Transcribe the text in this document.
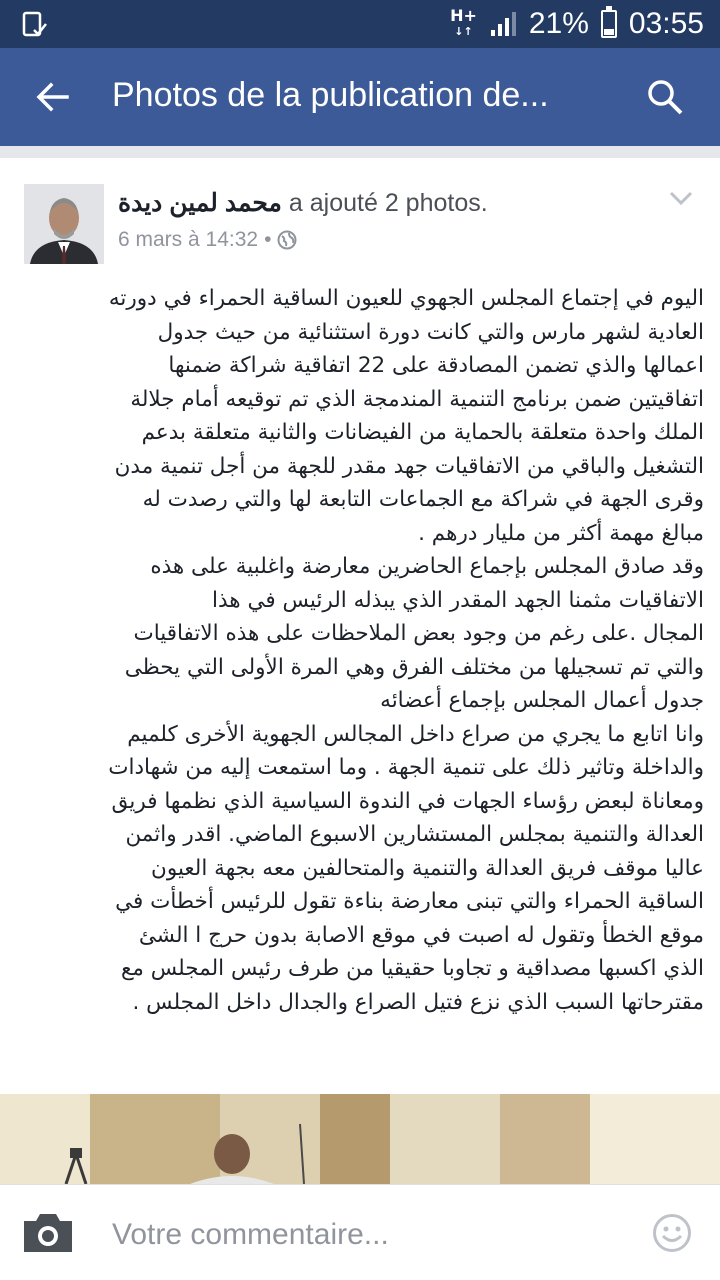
H+
↓↑ 21% 03:55
Photos de la publication de...
محمد لمين ديدة a ajouté 2 photos.
6 mars à 14:32 •

اليوم في إجتماع المجلس الجهوي للعيون الساقية الحمراء في دورته

العادية لشهر مارس والتي كانت دورة استثنائية من حيث جدول

اعمالها والذي تضمن المصادقة على 22 اتفاقية شراكة ضمنها

اتفاقيتين ضمن برنامج التنمية المندمجة الذي تم توقيعه أمام جلالة

الملك واحدة متعلقة بالحماية من الفيضانات والثانية متعلقة بدعم

التشغيل والباقي من الاتفاقيات جهد مقدر للجهة من أجل تنمية مدن

وقرى الجهة في شراكة مع الجماعات التابعة لها والتي رصدت له

مبالغ مهمة أكثر من مليار درهم .

وقد صادق المجلس بإجماع الحاضرين معارضة واغلبية على هذه

الاتفاقيات مثمنا الجهد المقدر الذي يبذله الرئيس في هذا

المجال .على رغم من وجود بعض الملاحظات على هذه الاتفاقيات

والتي تم تسجيلها من مختلف الفرق وهي المرة الأولى التي يحظى

جدول أعمال المجلس بإجماع أعضائه

وانا اتابع ما يجري من صراع داخل المجالس الجهوية الأخرى كلميم

والداخلة وتاثير ذلك على تنمية الجهة . وما استمعت إليه من شهادات

ومعاناة لبعض رؤساء الجهات في الندوة السياسية الذي نظمها فريق

العدالة والتنمية بمجلس المستشارين الاسبوع الماضي. اقدر واثمن

عاليا موقف فريق العدالة والتنمية والمتحالفين معه بجهة العيون

الساقية الحمراء والتي تبنى معارضة بناءة تقول للرئيس أخطأت في

موقع الخطأ وتقول له اصبت في موقع الاصابة بدون حرج ا الشئ

الذي اكسبها مصداقية و تجاوبا حقيقيا من طرف رئيس المجلس مع

مقترحاتها السبب الذي نزع فتيل الصراع والجدال داخل المجلس .

Votre commentaire...
